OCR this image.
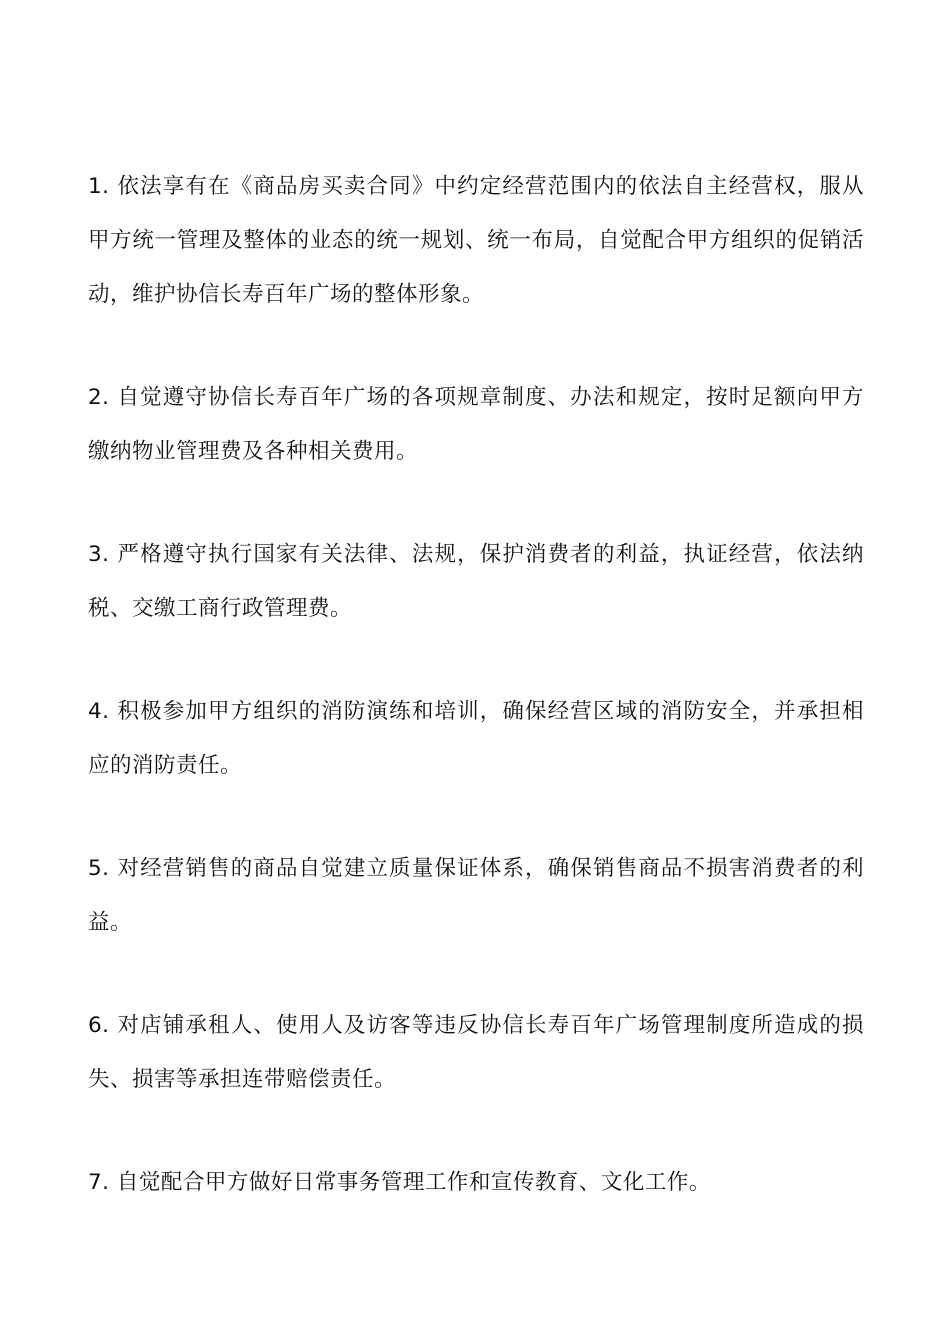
1. 依法享有在《商品房买卖合同》中约定经营范围内的依法自主经营权，服从甲方统一管理及整体的业态的统一规划、统一布局，自觉配合甲方组织的促销活动，维护协信长寿百年广场的整体形象。

2. 自觉遵守协信长寿百年广场的各项规章制度、办法和规定，按时足额向甲方缴纳物业管理费及各种相关费用。

3. 严格遵守执行国家有关法律、法规，保护消费者的利益，执证经营，依法纳税、交缴工商行政管理费。

4. 积极参加甲方组织的消防演练和培训，确保经营区域的消防安全，并承担相应的消防责任。

5. 对经营销售的商品自觉建立质量保证体系，确保销售商品不损害消费者的利益。

6. 对店铺承租人、使用人及访客等违反协信长寿百年广场管理制度所造成的损失、损害等承担连带赔偿责任。

7. 自觉配合甲方做好日常事务管理工作和宣传教育、文化工作。
